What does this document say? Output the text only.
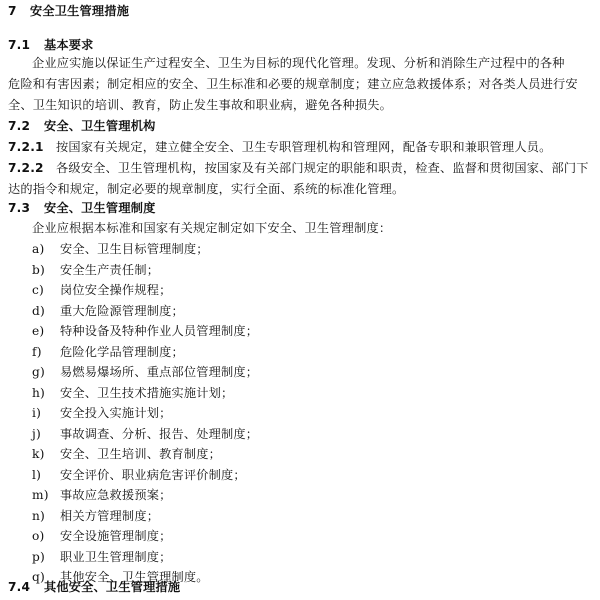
7 安全卫生管理措施
7.1 基本要求
企业应实施以保证生产过程安全、卫生为目标的现代化管理。发现、分析和消除生产过程中的各种
危险和有害因素；制定相应的安全、卫生标准和必要的规章制度；建立应急救援体系；对各类人员进行安
全、卫生知识的培训、教育，防止发生事故和职业病，避免各种损失。
7.2 安全、卫生管理机构
7.2.1 按国家有关规定，建立健全安全、卫生专职管理机构和管理网，配备专职和兼职管理人员。
7.2.2 各级安全、卫生管理机构，按国家及有关部门规定的职能和职责，检查、监督和贯彻国家、部门下
达的指令和规定，制定必要的规章制度，实行全面、系统的标准化管理。
7.3 安全、卫生管理制度
企业应根据本标准和国家有关规定制定如下安全、卫生管理制度：
a) 安全、卫生目标管理制度；
b) 安全生产责任制；
c) 岗位安全操作规程；
d) 重大危险源管理制度；
e) 特种设备及特种作业人员管理制度；
f) 危险化学品管理制度；
g) 易燃易爆场所、重点部位管理制度；
h) 安全、卫生技术措施实施计划；
i) 安全投入实施计划；
j) 事故调查、分析、报告、处理制度；
k) 安全、卫生培训、教育制度；
l) 安全评价、职业病危害评价制度；
m) 事故应急救援预案；
n) 相关方管理制度；
o) 安全设施管理制度；
p) 职业卫生管理制度；
q) 其他安全、卫生管理制度。
7.4 其他安全、卫生管理措施
